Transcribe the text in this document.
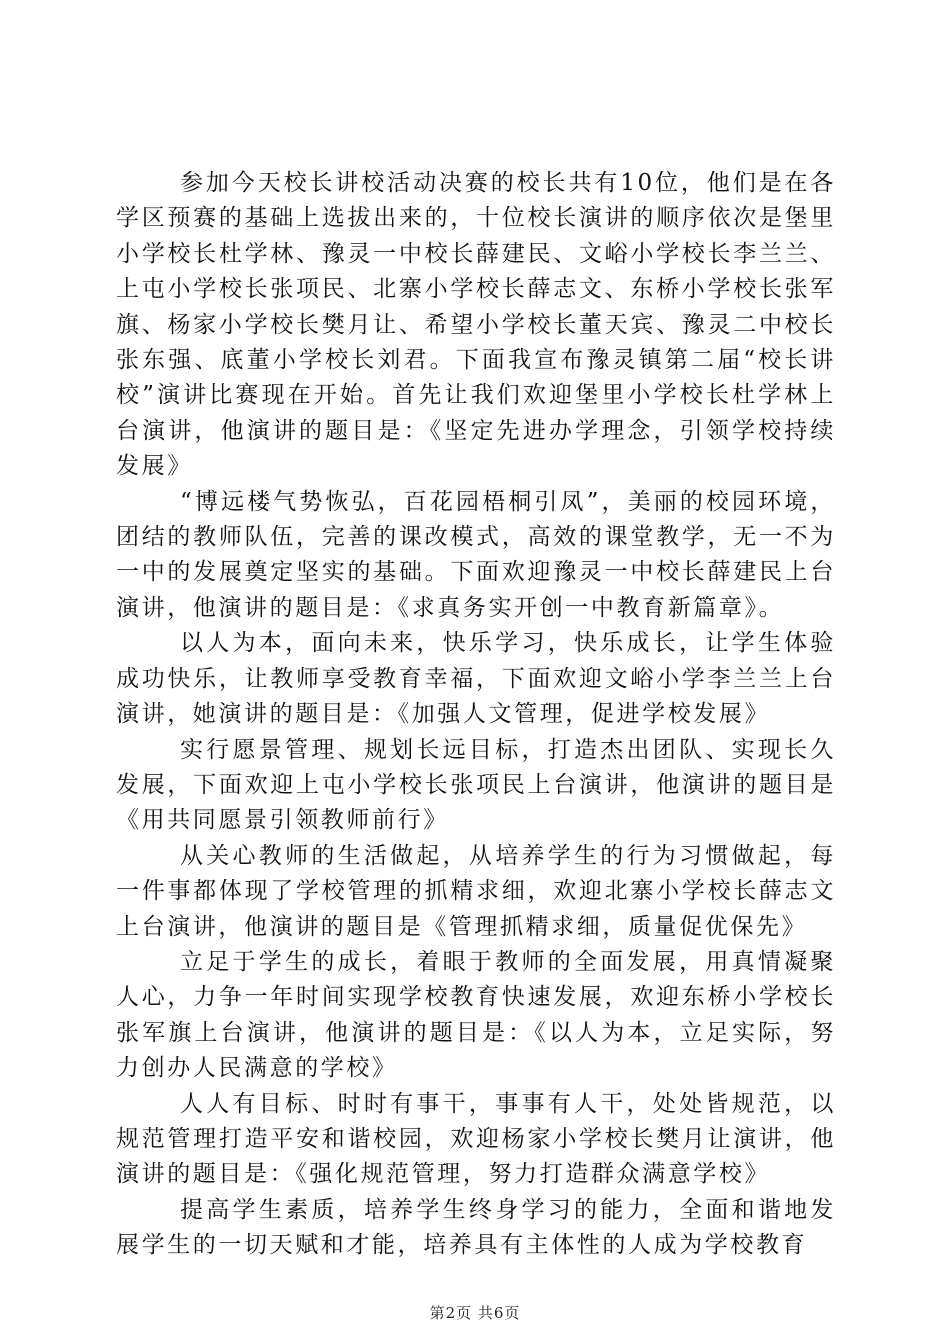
参加今天校长讲校活动决赛的校长共有10位，他们是在各学区预赛的基础上选拔出来的，十位校长演讲的顺序依次是堡里小学校长杜学林、豫灵一中校长薛建民、文峪小学校长李兰兰、上屯小学校长张项民、北寨小学校长薛志文、东桥小学校长张军旗、杨家小学校长樊月让、希望小学校长董天宾、豫灵二中校长张东强、底董小学校长刘君。下面我宣布豫灵镇第二届“校长讲校”演讲比赛现在开始。首先让我们欢迎堡里小学校长杜学林上台演讲，他演讲的题目是：《坚定先进办学理念，引领学校持续发展》

“博远楼气势恢弘，百花园梧桐引凤”，美丽的校园环境，团结的教师队伍，完善的课改模式，高效的课堂教学，无一不为一中的发展奠定坚实的基础。下面欢迎豫灵一中校长薛建民上台演讲，他演讲的题目是：《求真务实开创一中教育新篇章》。

以人为本，面向未来，快乐学习，快乐成长，让学生体验成功快乐，让教师享受教育幸福，下面欢迎文峪小学李兰兰上台演讲，她演讲的题目是：《加强人文管理，促进学校发展》

实行愿景管理、规划长远目标，打造杰出团队、实现长久发展，下面欢迎上屯小学校长张项民上台演讲，他演讲的题目是《用共同愿景引领教师前行》

从关心教师的生活做起，从培养学生的行为习惯做起，每一件事都体现了学校管理的抓精求细，欢迎北寨小学校长薛志文上台演讲，他演讲的题目是《管理抓精求细，质量促优保先》

立足于学生的成长，着眼于教师的全面发展，用真情凝聚人心，力争一年时间实现学校教育快速发展，欢迎东桥小学校长张军旗上台演讲，他演讲的题目是：《以人为本，立足实际，努力创办人民满意的学校》

人人有目标、时时有事干，事事有人干，处处皆规范，以规范管理打造平安和谐校园，欢迎杨家小学校长樊月让演讲，他演讲的题目是：《强化规范管理，努力打造群众满意学校》

提高学生素质，培养学生终身学习的能力，全面和谐地发展学生的一切天赋和才能，培养具有主体性的人成为学校教育

第2页 共6页
